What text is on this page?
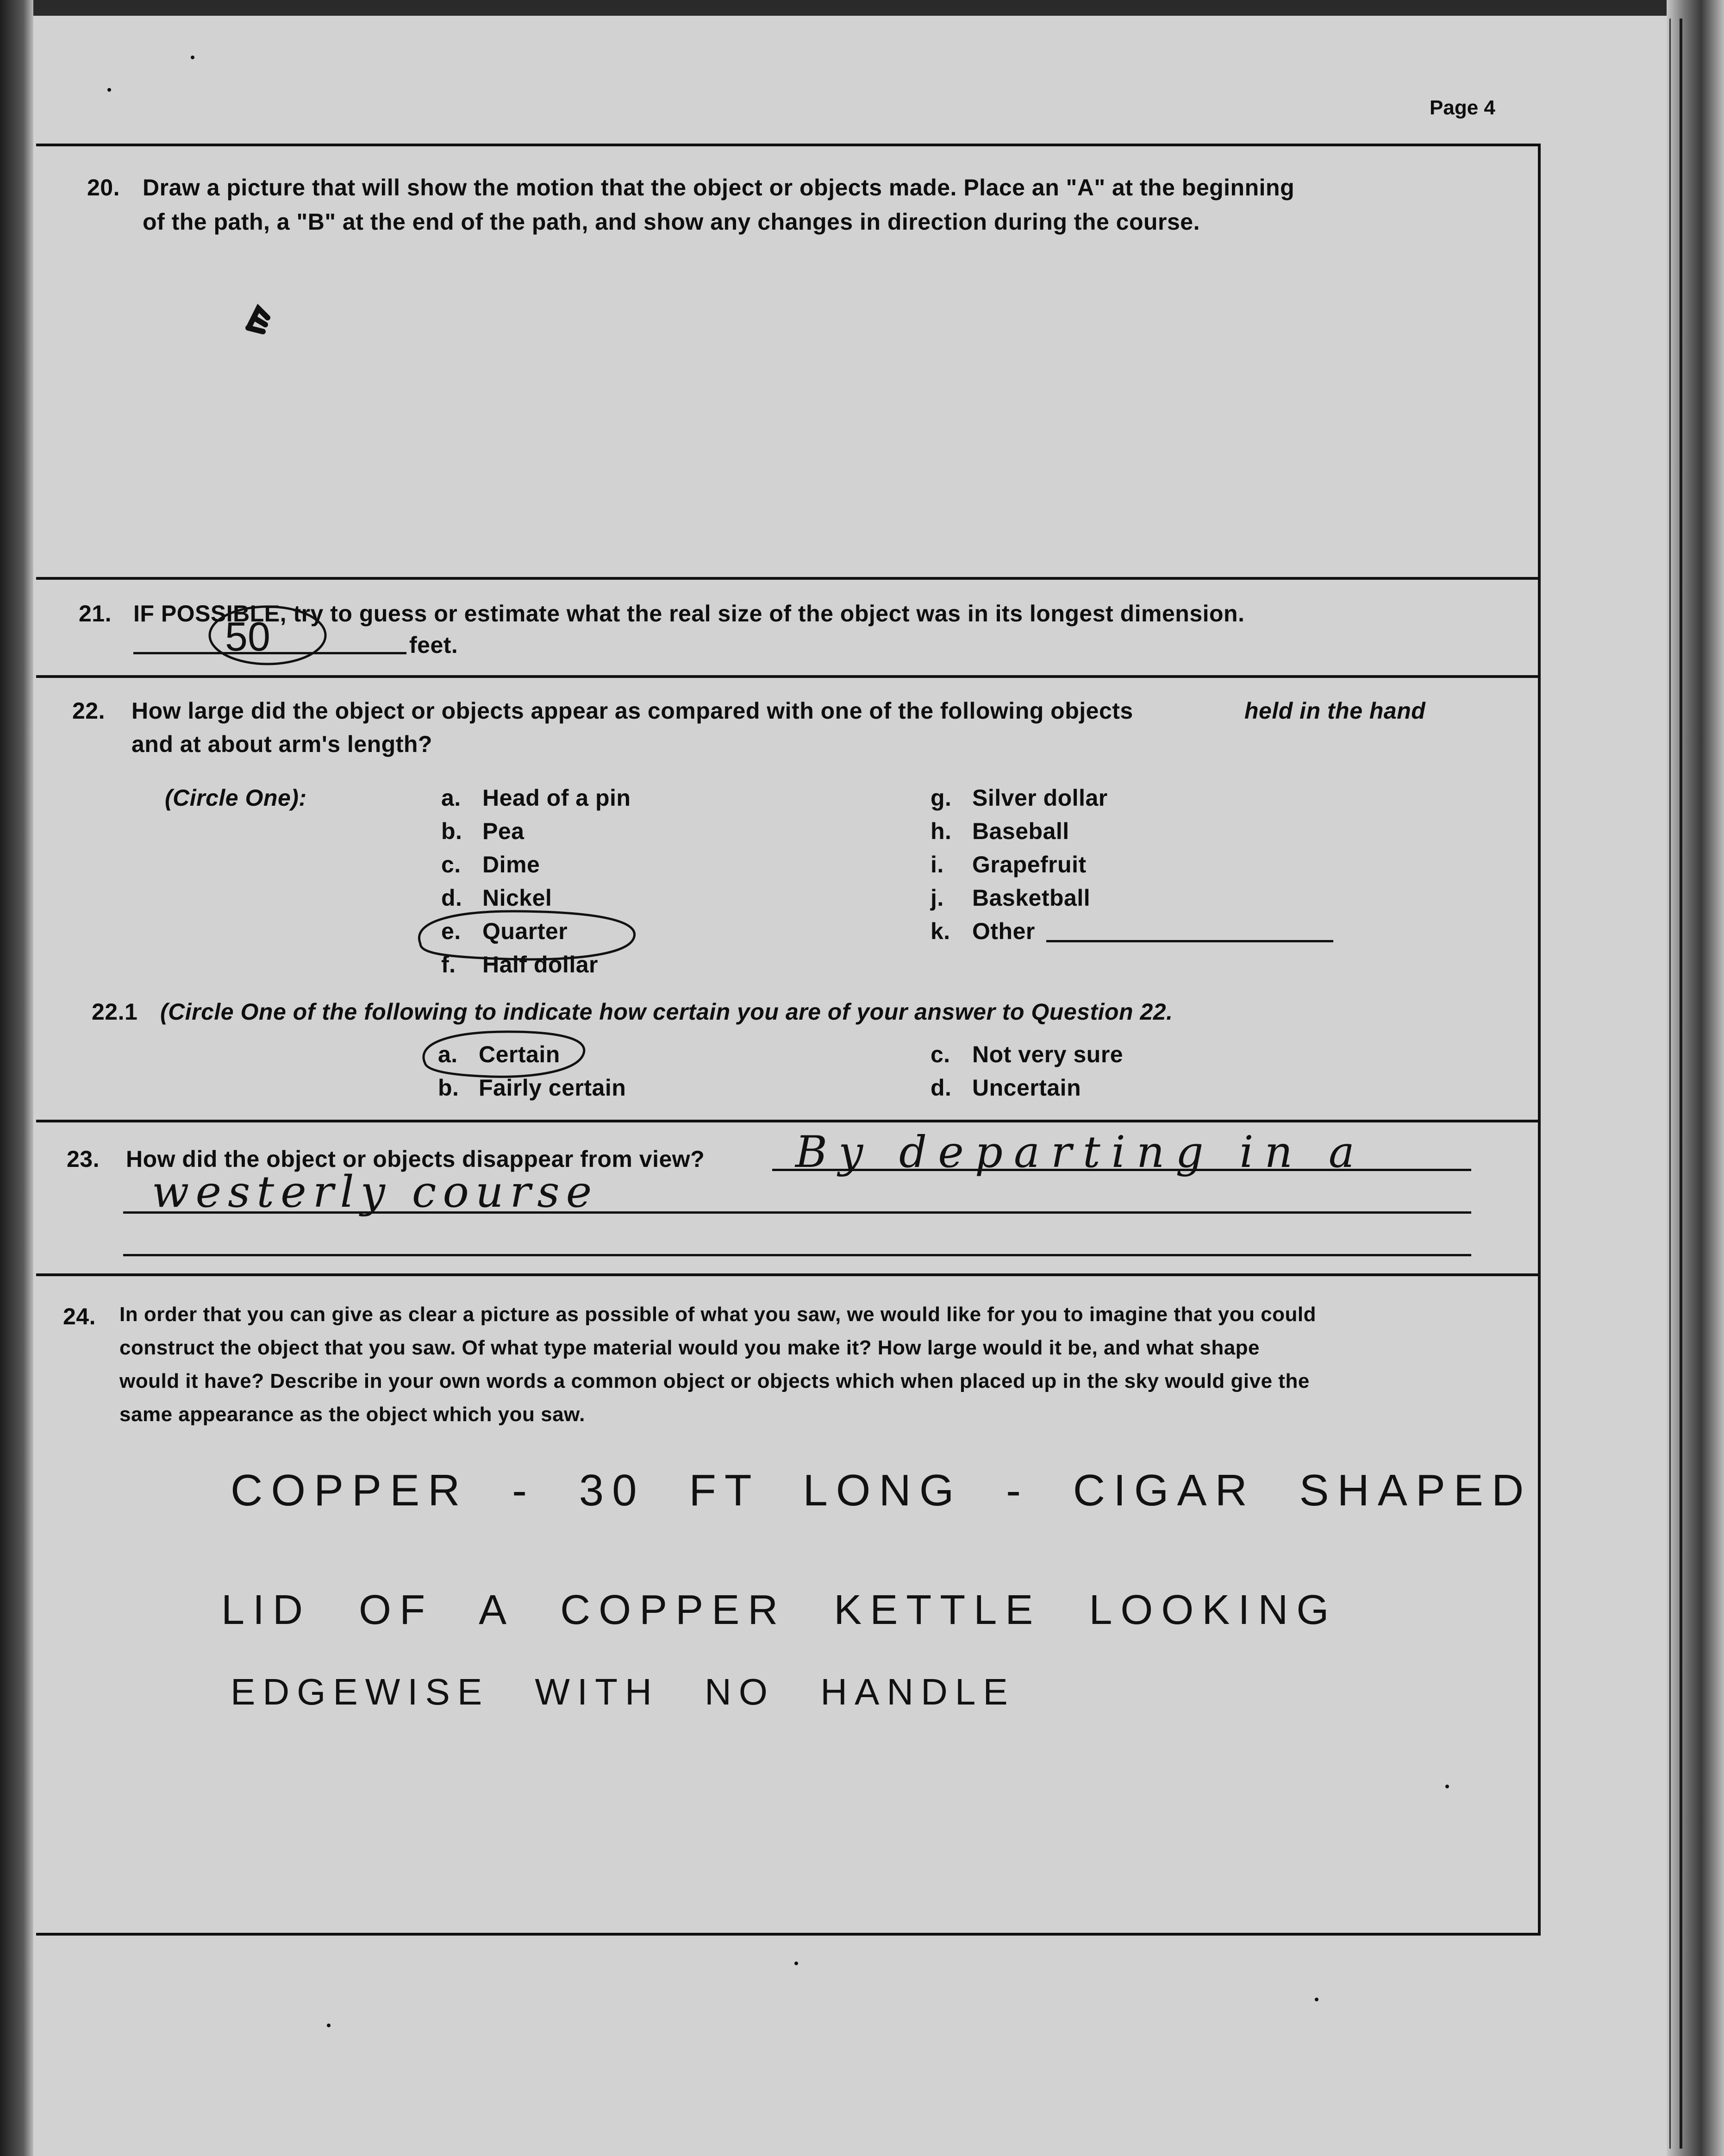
Page 4
20. Draw a picture that will show the motion that the object or objects made. Place an "A" at the beginning
of the path, a "B" at the end of the path, and show any changes in direction during the course.
21. IF POSSIBLE, try to guess or estimate what the real size of the object was in its longest dimension.
50	feet.
22. How large did the object or objects appear as compared with one of the following objects	held in the hand
and at about arm's length?
(Circle One):	a. Head of a pin
b. Pea
c. Dime
d. Nickel
e. Quarter
f. Half dollar
g. Silver dollar
h. Baseball
i. Grapefruit
j. Basketball
k. Other
22.1 (Circle One of the following to indicate how certain you are of your answer to Question 22.
a. Certain
b. Fairly certain
c. Not very sure
d. Uncertain
23. How did the object or objects disappear from view? By departing in a
westerly course
24. In order that you can give as clear a picture as possible of what you saw, we would like for you to imagine that you could
construct the object that you saw. Of what type material would you make it? How large would it be, and what shape
would it have? Describe in your own words a common object or objects which when placed up in the sky would give the
same appearance as the object which you saw.
COPPER - 30 FT LONG - CIGAR SHAPED
LID OF A COPPER KETTLE LOOKING
EDGEWISE WITH NO HANDLE
